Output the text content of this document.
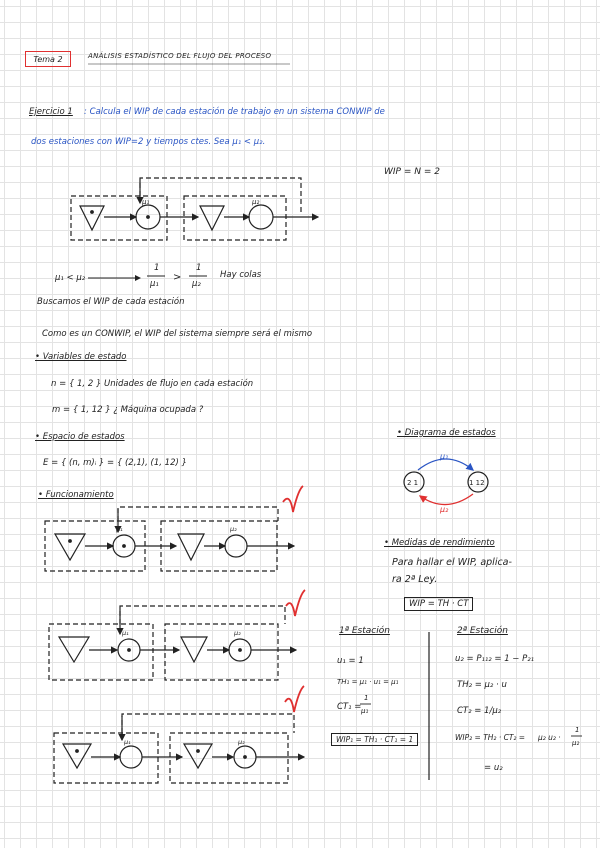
Tema 2	ANÁLISIS ESTADÍSTICO DEL FLUJO DEL PROCESO
Ejercicio 1 : Calcula el WIP de cada estación de trabajo en un sistema CONWIP de
dos estaciones con WIP=2 y tiempos ctes. Sea μ₁ < μ₂.
WIP = N = 2
μ₁ < μ₂
1
μ₁
>
1
μ₂
Hay colas
Buscamos el WIP de cada estación
Como es un CONWIP, el WIP del sistema siempre será el mismo
• Variables de estado
n = { 1, 2 } Unidades de flujo en cada estación
m = { 1, 12 } ¿ Máquina ocupada ?
• Espacio de estados
E = { (n, m)ᵢ } = { (2,1), (1, 12) }
• Diagrama de estados
• Funcionamiento
• Medidas de rendimiento
Para hallar el WIP, aplica-
ra 2ª Ley.
WIP = TH · CT
1ª Estación
u₁ = 1
TH₁ = μ₁ · u₁ = μ₁
CT₁ =
1
μ₁
WIP₁ = TH₁ · CT₁ = 1
2ª Estación
u₂ = P₁₁₂ = 1 − P₂₁
TH₂ = μ₂ · u
CT₂ = 1/μ₂
WIP₂ = TH₂ · CT₂ = μ₂ u₂ ·
1
μ₂
= u₂
μ₁	μ₂
2 1	1 12
μ₁
μ₂
μ₁	μ₂
μ₁	μ₂
μ₁	μ₂
